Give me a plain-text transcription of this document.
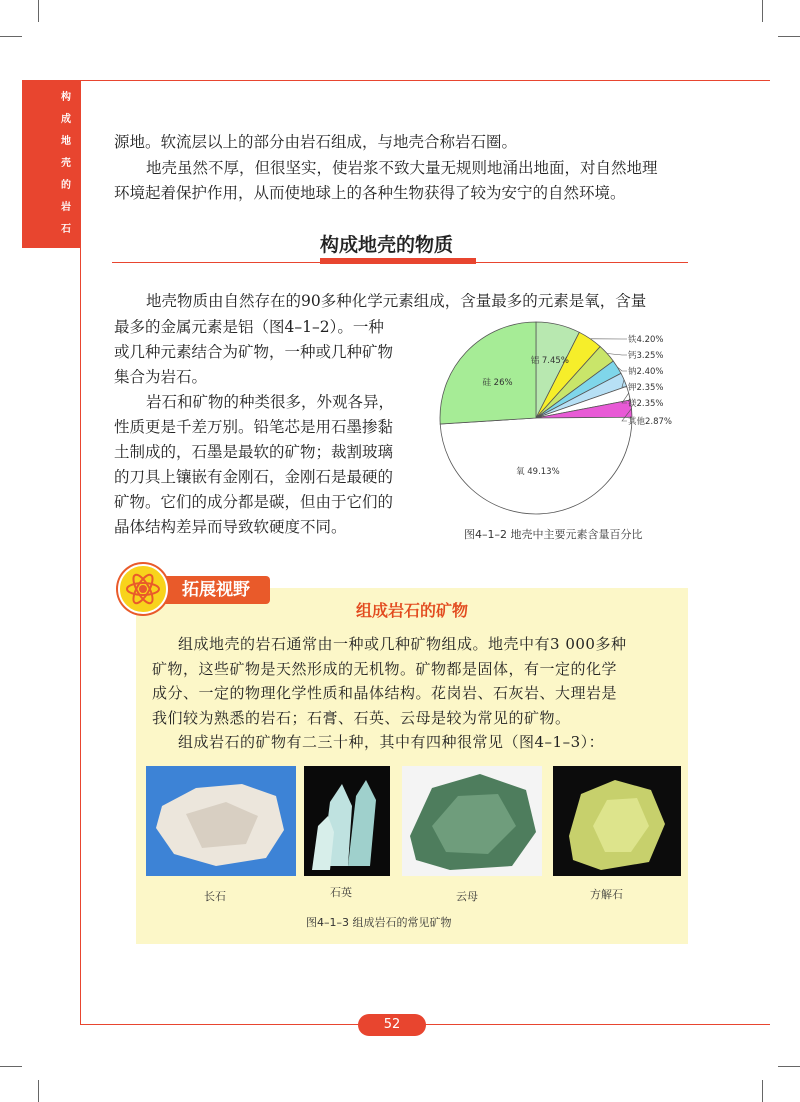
构
成
地
壳
的
岩
石
源地。软流层以上的部分由岩石组成，与地壳合称岩石圈。
地壳虽然不厚，但很坚实，使岩浆不致大量无规则地涌出地面，对自然地理
环境起着保护作用，从而使地球上的各种生物获得了较为安宁的自然环境。
构成地壳的物质
地壳物质由自然存在的90多种化学元素组成，含量最多的元素是氧，含量
最多的金属元素是铝（图4–1–2）。一种
或几种元素结合为矿物，一种或几种矿物
集合为岩石。
岩石和矿物的种类很多，外观各异，
性质更是千差万别。铅笔芯是用石墨掺黏
土制成的，石墨是最软的矿物；裁割玻璃
的刀具上镶嵌有金刚石，金刚石是最硬的
矿物。它们的成分都是碳，但由于它们的
晶体结构差异而导致软硬度不同。
铝 7.45%
铁4.20%
钙3.25%
钠2.40%
钾2.35%
镁2.35%
其他2.87%
氧 49.13%
硅 26%
图4–1–2 地壳中主要元素含量百分比
拓展视野
组成岩石的矿物
组成地壳的岩石通常由一种或几种矿物组成。地壳中有3 000多种
矿物，这些矿物是天然形成的无机物。矿物都是固体，有一定的化学
成分、一定的物理化学性质和晶体结构。花岗岩、石灰岩、大理岩是
我们较为熟悉的岩石；石膏、石英、云母是较为常见的矿物。
组成岩石的矿物有二三十种，其中有四种很常见（图4–1–3）：
长石	石英	云母	方解石
图4–1–3 组成岩石的常见矿物
52
